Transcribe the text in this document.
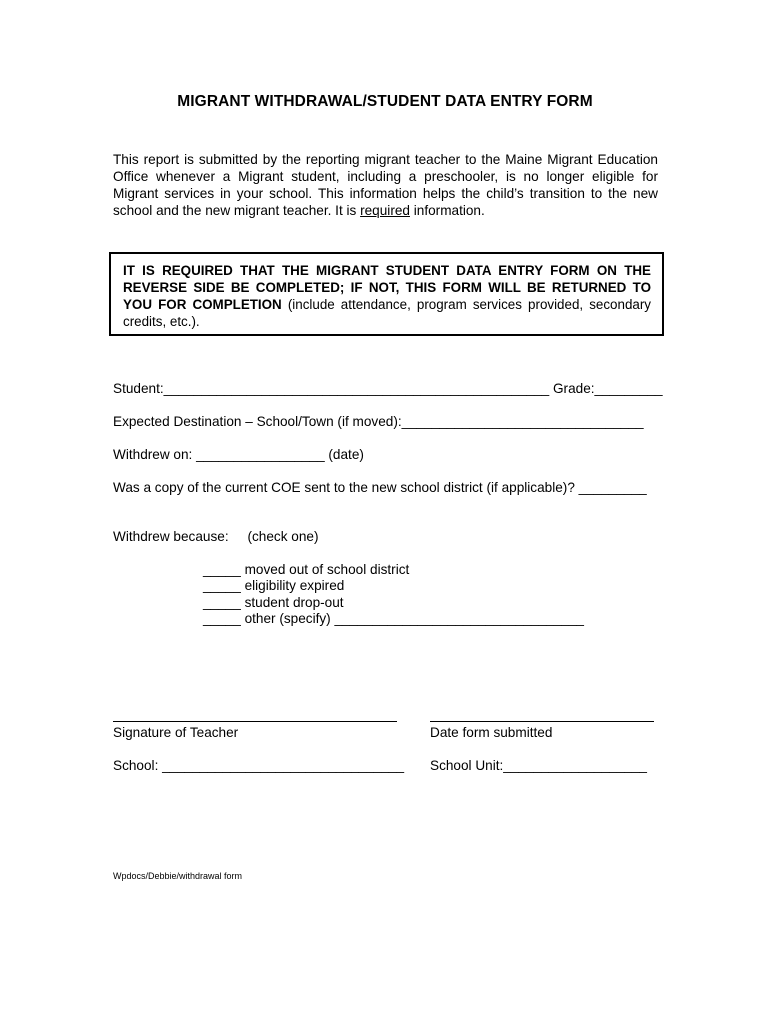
MIGRANT WITHDRAWAL/STUDENT DATA ENTRY FORM
This report is submitted by the reporting migrant teacher to the Maine Migrant Education Office whenever a Migrant student, including a preschooler, is no longer eligible for Migrant services in your school. This information helps the child’s transition to the new school and the new migrant teacher. It is required information.
IT IS REQUIRED THAT THE MIGRANT STUDENT DATA ENTRY FORM ON THE REVERSE SIDE BE COMPLETED; IF NOT, THIS FORM WILL BE RETURNED TO YOU FOR COMPLETION (include attendance, program services provided, secondary credits, etc.).
Student:___________________________________________________ Grade:_________
Expected Destination – School/Town (if moved):________________________________
Withdrew on: _________________ (date)
Was a copy of the current COE sent to the new school district (if applicable)? _________
Withdrew because:     (check one)
_____ moved out of school district
_____ eligibility expired
_____ student drop-out
_____ other (specify) _________________________________
Signature of Teacher	Date form submitted
School: ________________________________ School Unit:___________________
Wpdocs/Debbie/withdrawal form
